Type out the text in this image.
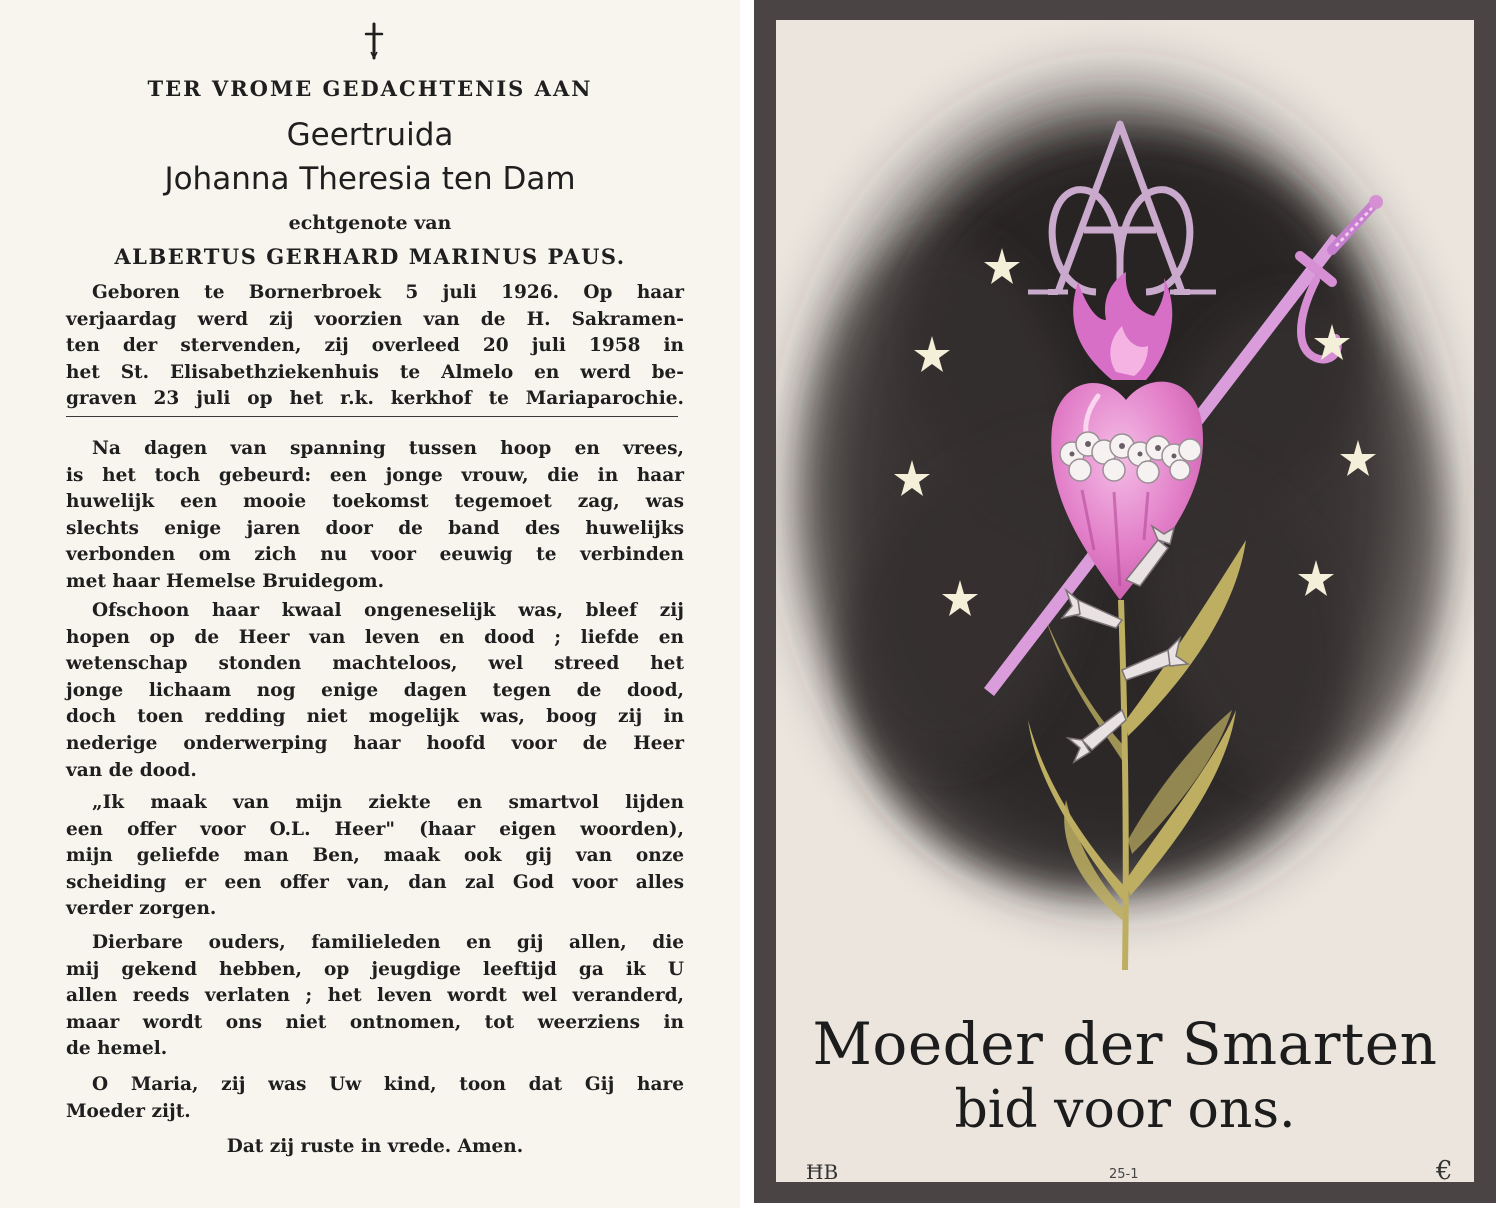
TER VROME GEDACHTENIS AAN
Geertruida
Johanna Theresia ten Dam
echtgenote van
ALBERTUS GERHARD MARINUS PAUS.
Geboren te Bornerbroek 5 juli 1926. Op haar
verjaardag werd zij voorzien van de H. Sakramen-
ten der stervenden, zij overleed 20 juli 1958 in
het St. Elisabethziekenhuis te Almelo en werd be-
graven 23 juli op het r.k. kerkhof te Mariaparochie.
Na dagen van spanning tussen hoop en vrees,
is het toch gebeurd: een jonge vrouw, die in haar
huwelijk een mooie toekomst tegemoet zag, was
slechts enige jaren door de band des huwelijks
verbonden om zich nu voor eeuwig te verbinden
met haar Hemelse Bruidegom.
Ofschoon haar kwaal ongeneselijk was, bleef zij
hopen op de Heer van leven en dood ; liefde en
wetenschap stonden machteloos, wel streed het
jonge lichaam nog enige dagen tegen de dood,
doch toen redding niet mogelijk was, boog zij in
nederige onderwerping haar hoofd voor de Heer
van de dood.
„Ik maak van mijn ziekte en smartvol lijden
een offer voor O.L. Heer" (haar eigen woorden),
mijn geliefde man Ben, maak ook gij van onze
scheiding er een offer van, dan zal God voor alles
verder zorgen.
Dierbare ouders, familieleden en gij allen, die
mij gekend hebben, op jeugdige leeftijd ga ik U
allen reeds verlaten ; het leven wordt wel veranderd,
maar wordt ons niet ontnomen, tot weerziens in
de hemel.
O Maria, zij was Uw kind, toon dat Gij hare
Moeder zijt.
Dat zij ruste in vrede. Amen.
Moeder der Smarten
bid voor ons.
ĦB	25-1	€
